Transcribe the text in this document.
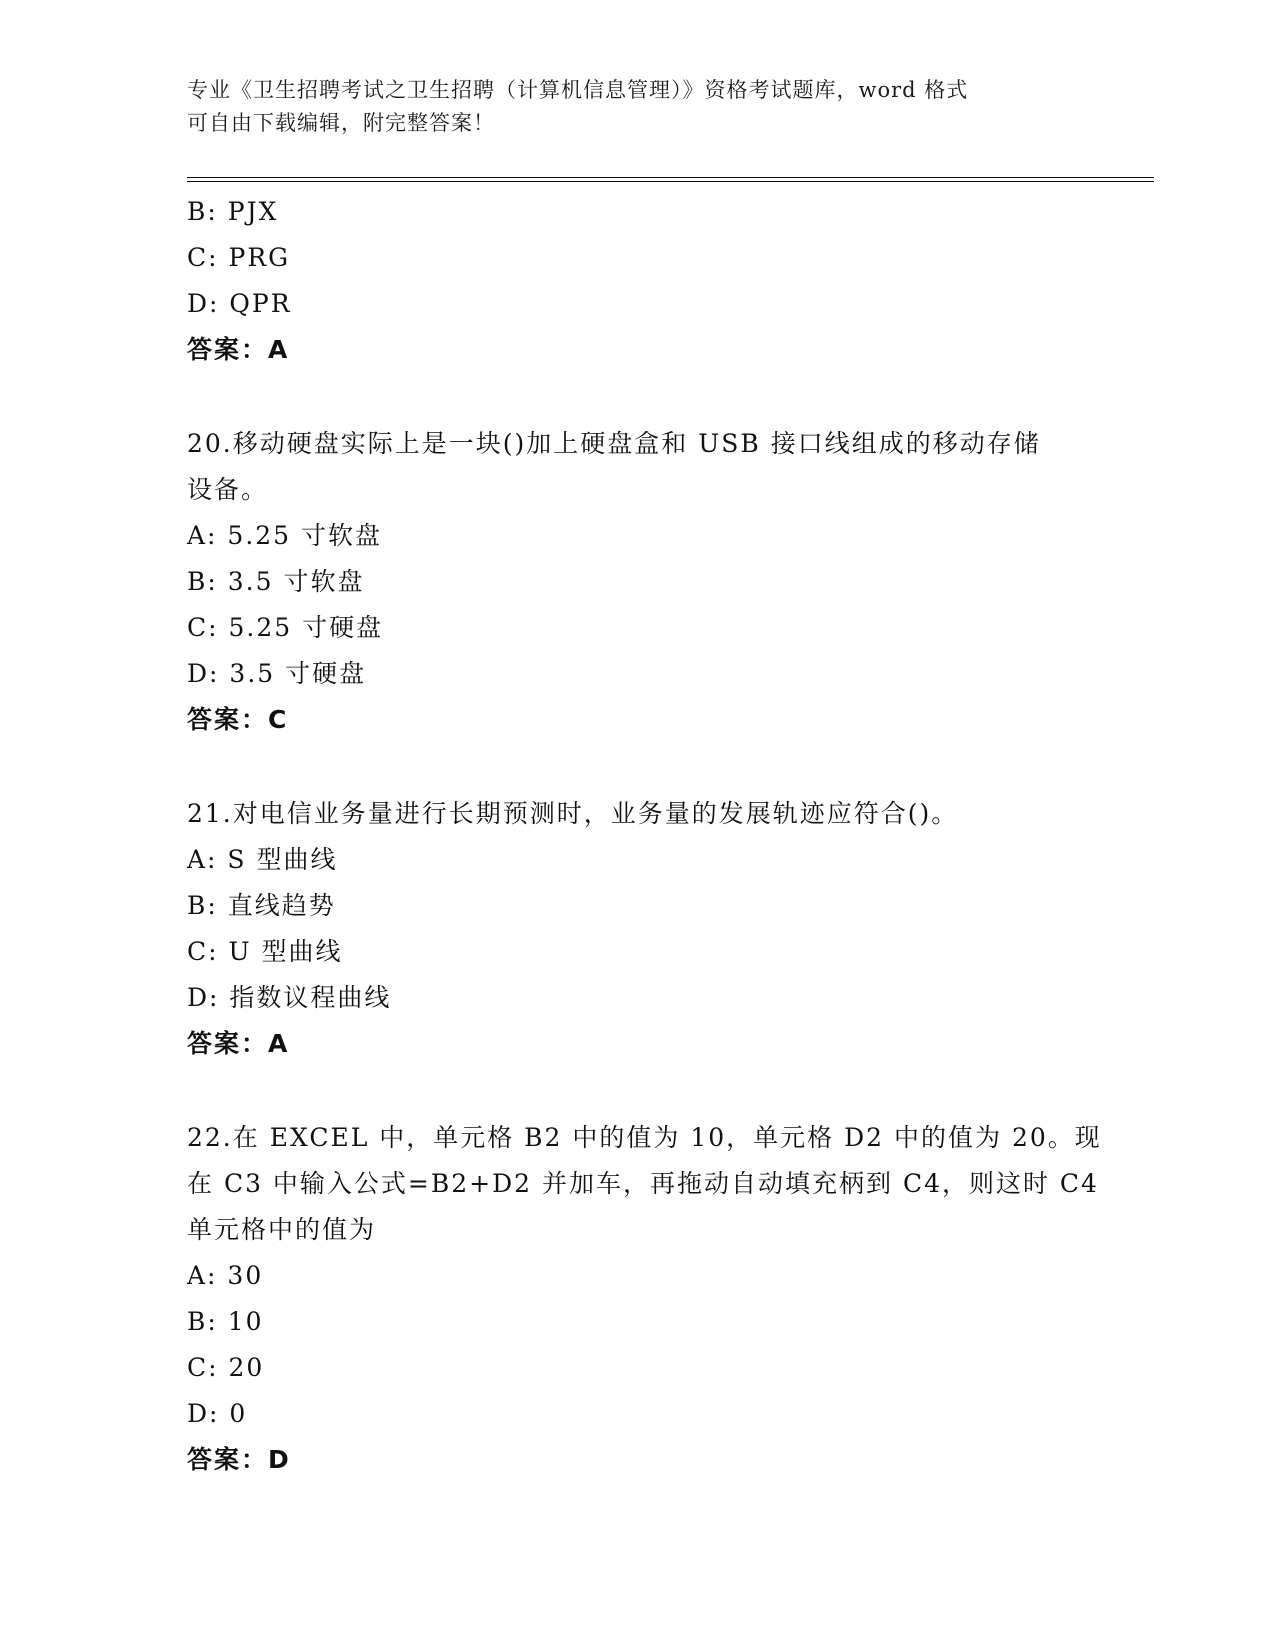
专业《卫生招聘考试之卫生招聘（计算机信息管理）》资格考试题库，word 格式
可自由下载编辑，附完整答案！
B: PJX
C: PRG
D: QPR
答案：A
20.移动硬盘实际上是一块()加上硬盘盒和 USB 接口线组成的移动存储
设备。
A: 5.25 寸软盘
B: 3.5 寸软盘
C: 5.25 寸硬盘
D: 3.5 寸硬盘
答案：C
21.对电信业务量进行长期预测时，业务量的发展轨迹应符合()。
A: S 型曲线
B: 直线趋势
C: U 型曲线
D: 指数议程曲线
答案：A
22.在 EXCEL 中，单元格 B2 中的值为 10，单元格 D2 中的值为 20。现
在 C3 中输入公式=B2+D2 并加车，再拖动自动填充柄到 C4，则这时 C4
单元格中的值为
A: 30
B: 10
C: 20
D: 0
答案：D
